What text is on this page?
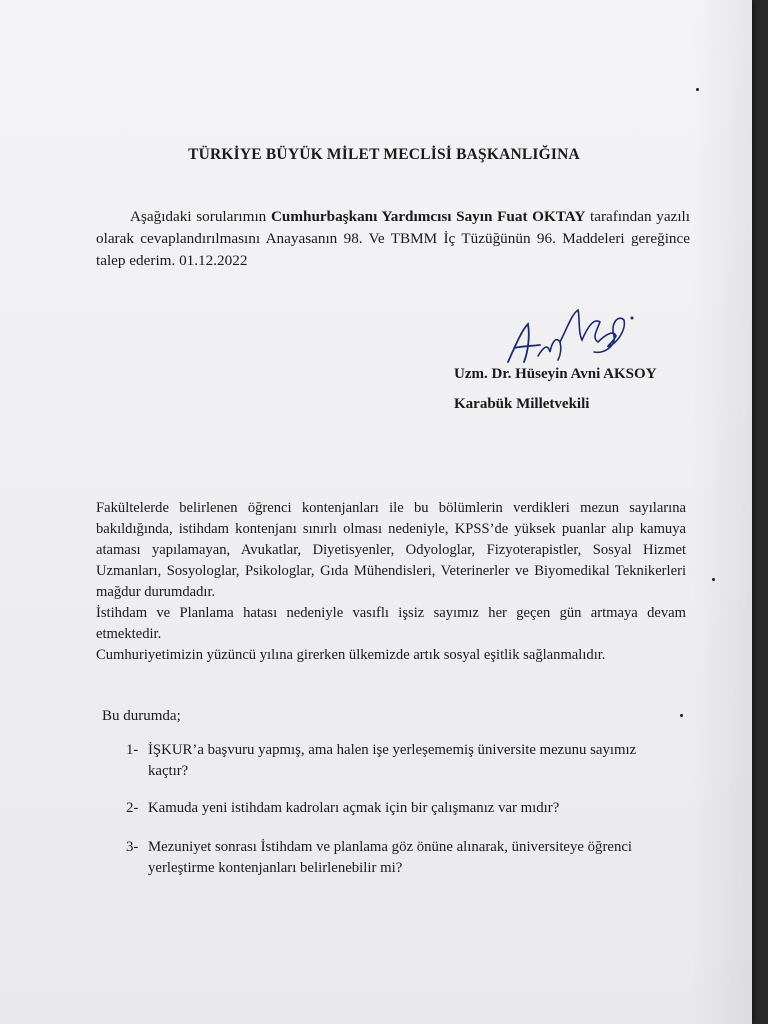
TÜRKİYE BÜYÜK MİLET MECLİSİ BAŞKANLIĞINA
Aşağıdaki sorularımın Cumhurbaşkanı Yardımcısı Sayın Fuat OKTAY tarafından yazılı olarak cevaplandırılmasını Anayasanın 98. Ve TBMM İç Tüzüğünün 96. Maddeleri gereğince talep ederim. 01.12.2022
Uzm. Dr. Hüseyin Avni AKSOY
Karabük Milletvekili

Fakültelerde belirlenen öğrenci kontenjanları ile bu bölümlerin verdikleri mezun sayılarına bakıldığında, istihdam kontenjanı sınırlı olması nedeniyle, KPSS’de yüksek puanlar alıp kamuya ataması yapılamayan, Avukatlar, Diyetisyenler, Odyologlar, Fizyoterapistler, Sosyal Hizmet Uzmanları, Sosyologlar, Psikologlar, Gıda Mühendisleri, Veterinerler ve Biyomedikal Teknikerleri mağdur durumdadır.

İstihdam ve Planlama hatası nedeniyle vasıflı işsiz sayımız her geçen gün artmaya devam etmektedir.

Cumhuriyetimizin yüzüncü yılına girerken ülkemizde artık sosyal eşitlik sağlanmalıdır.

Bu durumda;
1- İŞKUR’a başvuru yapmış, ama halen işe yerleşememiş üniversite mezunu sayımız kaçtır?
2- Kamuda yeni istihdam kadroları açmak için bir çalışmanız var mıdır?
3- Mezuniyet sonrası İstihdam ve planlama göz önüne alınarak, üniversiteye öğrenci yerleştirme kontenjanları belirlenebilir mi?
